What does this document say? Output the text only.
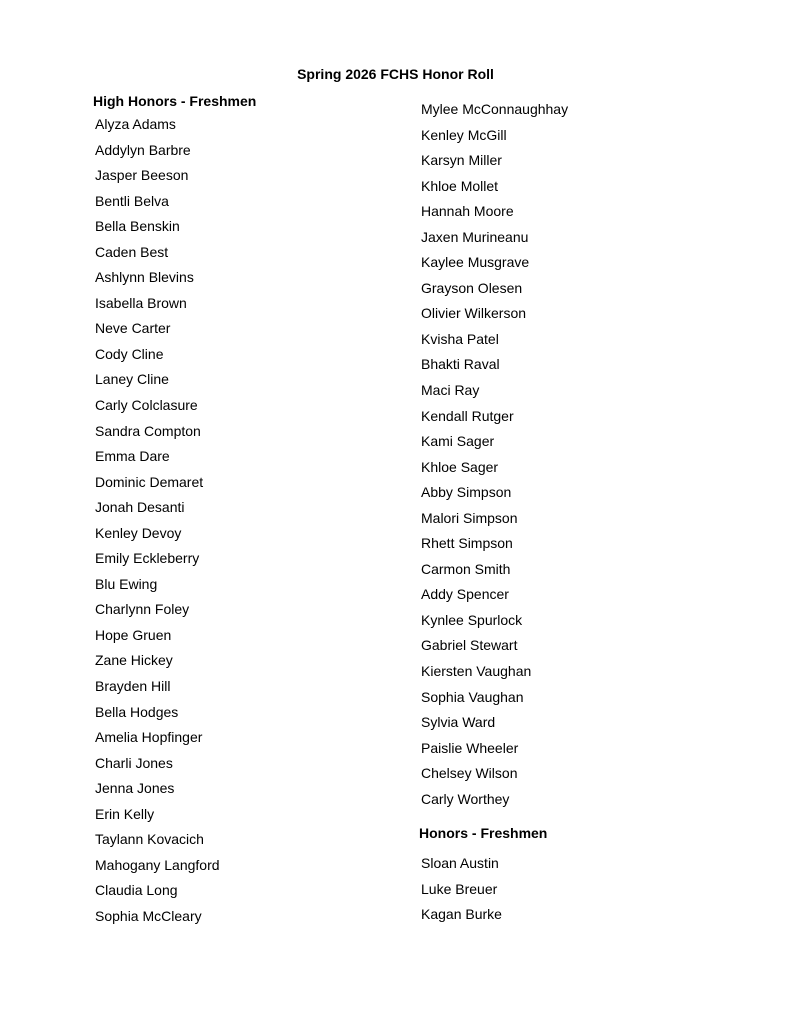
Spring 2026 FCHS Honor Roll
High Honors - Freshmen
Alyza Adams
Addylyn Barbre
Jasper Beeson
Bentli Belva
Bella Benskin
Caden Best
Ashlynn Blevins
Isabella Brown
Neve Carter
Cody Cline
Laney Cline
Carly Colclasure
Sandra Compton
Emma Dare
Dominic Demaret
Jonah Desanti
Kenley Devoy
Emily Eckleberry
Blu Ewing
Charlynn Foley
Hope Gruen
Zane Hickey
Brayden Hill
Bella Hodges
Amelia Hopfinger
Charli Jones
Jenna Jones
Erin Kelly
Taylann Kovacich
Mahogany Langford
Claudia Long
Sophia McCleary
Mylee McConnaughhay
Kenley McGill
Karsyn Miller
Khloe Mollet
Hannah Moore
Jaxen Murineanu
Kaylee Musgrave
Grayson Olesen
Olivier Wilkerson
Kvisha Patel
Bhakti Raval
Maci Ray
Kendall Rutger
Kami Sager
Khloe Sager
Abby Simpson
Malori Simpson
Rhett Simpson
Carmon Smith
Addy Spencer
Kynlee Spurlock
Gabriel Stewart
Kiersten Vaughan
Sophia Vaughan
Sylvia Ward
Paislie Wheeler
Chelsey Wilson
Carly Worthey
Honors - Freshmen
Sloan Austin
Luke Breuer
Kagan Burke
